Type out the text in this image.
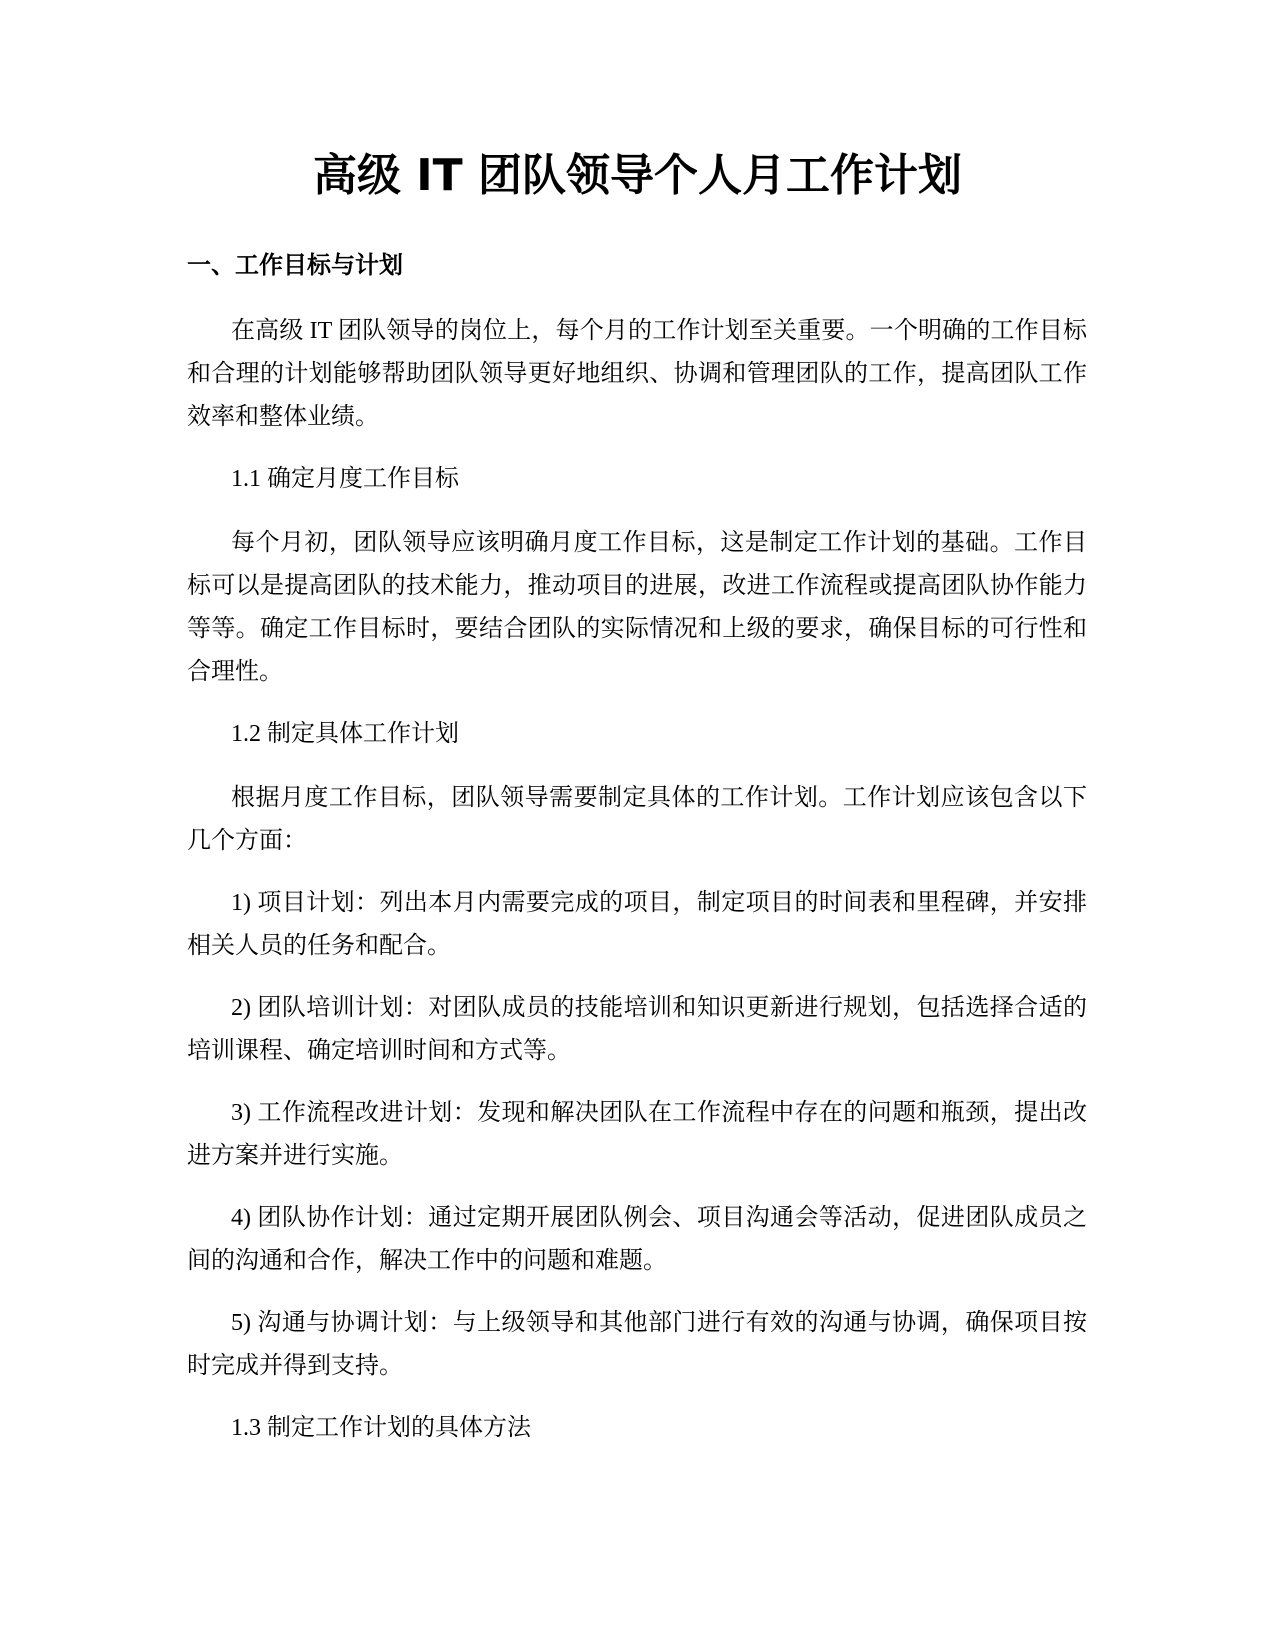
高级 IT 团队领导个人月工作计划
一、工作目标与计划

在高级 IT 团队领导的岗位上，每个月的工作计划至关重要。一个明确的工作目标和合理的计划能够帮助团队领导更好地组织、协调和管理团队的工作，提高团队工作效率和整体业绩。

1.1 确定月度工作目标

每个月初，团队领导应该明确月度工作目标，这是制定工作计划的基础。工作目标可以是提高团队的技术能力，推动项目的进展，改进工作流程或提高团队协作能力等等。确定工作目标时，要结合团队的实际情况和上级的要求，确保目标的可行性和合理性。

1.2 制定具体工作计划

根据月度工作目标，团队领导需要制定具体的工作计划。工作计划应该包含以下几个方面：

1) 项目计划：列出本月内需要完成的项目，制定项目的时间表和里程碑，并安排相关人员的任务和配合。

2) 团队培训计划：对团队成员的技能培训和知识更新进行规划，包括选择合适的培训课程、确定培训时间和方式等。

3) 工作流程改进计划：发现和解决团队在工作流程中存在的问题和瓶颈，提出改进方案并进行实施。

4) 团队协作计划：通过定期开展团队例会、项目沟通会等活动，促进团队成员之间的沟通和合作，解决工作中的问题和难题。

5) 沟通与协调计划：与上级领导和其他部门进行有效的沟通与协调，确保项目按时完成并得到支持。

1.3 制定工作计划的具体方法
